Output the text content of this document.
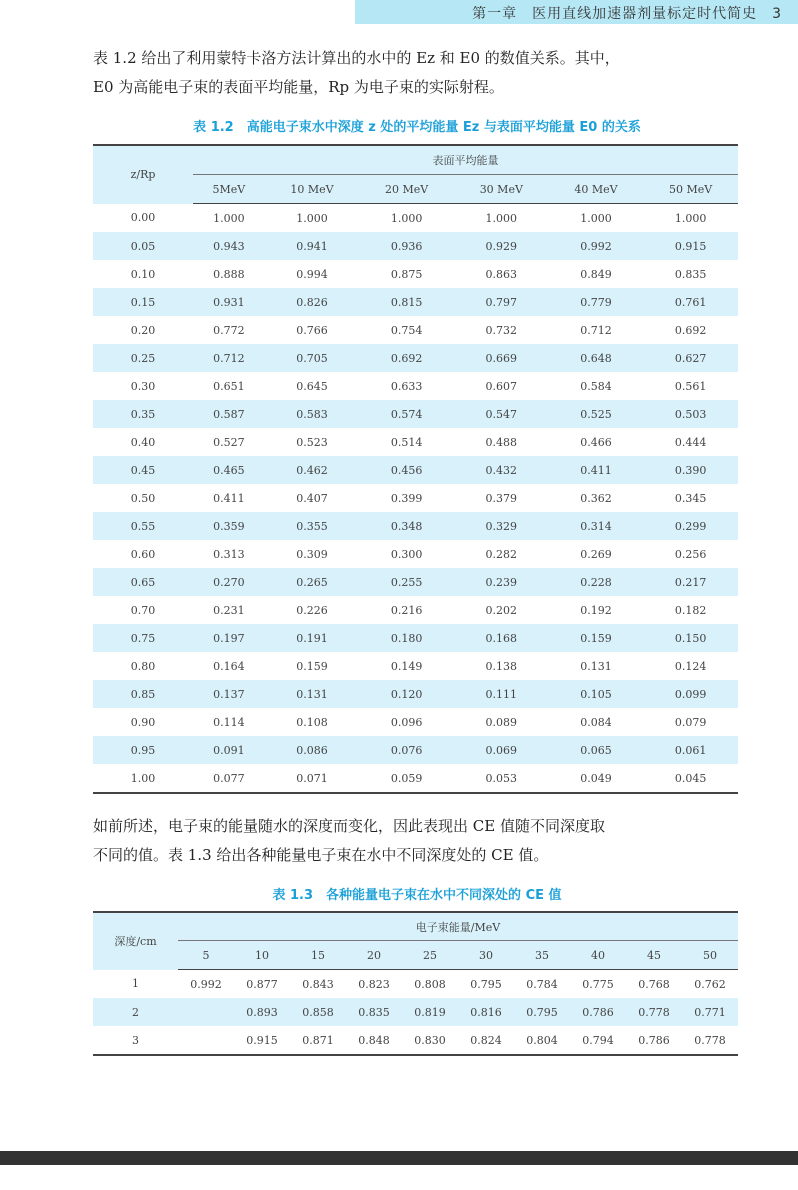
第一章　医用直线加速器剂量标定时代简史　3

表 1.2 给出了利用蒙特卡洛方法计算出的水中的 Ez 和 E0 的数值关系。其中，
E0 为高能电子束的表面平均能量，Rp 为电子束的实际射程。

表 1.2　高能电子束水中深度 z 处的平均能量 Ez 与表面平均能量 E0 的关系
z/Rp	表面平均能量					
	5MeV	10 MeV	20 MeV	30 MeV	40 MeV	50 MeV
0.00	1.000	1.000	1.000	1.000	1.000	1.000
0.05	0.943	0.941	0.936	0.929	0.992	0.915
0.10	0.888	0.994	0.875	0.863	0.849	0.835
0.15	0.931	0.826	0.815	0.797	0.779	0.761
0.20	0.772	0.766	0.754	0.732	0.712	0.692
0.25	0.712	0.705	0.692	0.669	0.648	0.627
0.30	0.651	0.645	0.633	0.607	0.584	0.561
0.35	0.587	0.583	0.574	0.547	0.525	0.503
0.40	0.527	0.523	0.514	0.488	0.466	0.444
0.45	0.465	0.462	0.456	0.432	0.411	0.390
0.50	0.411	0.407	0.399	0.379	0.362	0.345
0.55	0.359	0.355	0.348	0.329	0.314	0.299
0.60	0.313	0.309	0.300	0.282	0.269	0.256
0.65	0.270	0.265	0.255	0.239	0.228	0.217
0.70	0.231	0.226	0.216	0.202	0.192	0.182
0.75	0.197	0.191	0.180	0.168	0.159	0.150
0.80	0.164	0.159	0.149	0.138	0.131	0.124
0.85	0.137	0.131	0.120	0.111	0.105	0.099
0.90	0.114	0.108	0.096	0.089	0.084	0.079
0.95	0.091	0.086	0.076	0.069	0.065	0.061
1.00	0.077	0.071	0.059	0.053	0.049	0.045

如前所述，电子束的能量随水的深度而变化，因此表现出 CE 值随不同深度取
不同的值。表 1.3 给出各种能量电子束在水中不同深度处的 CE 值。

表 1.3　各种能量电子束在水中不同深处的 CE 值
深度/cm	电子束能量/MeV									
	5	10	15	20	25	30	35	40	45	50
1	0.992	0.877	0.843	0.823	0.808	0.795	0.784	0.775	0.768	0.762
2		0.893	0.858	0.835	0.819	0.816	0.795	0.786	0.778	0.771
3		0.915	0.871	0.848	0.830	0.824	0.804	0.794	0.786	0.778
